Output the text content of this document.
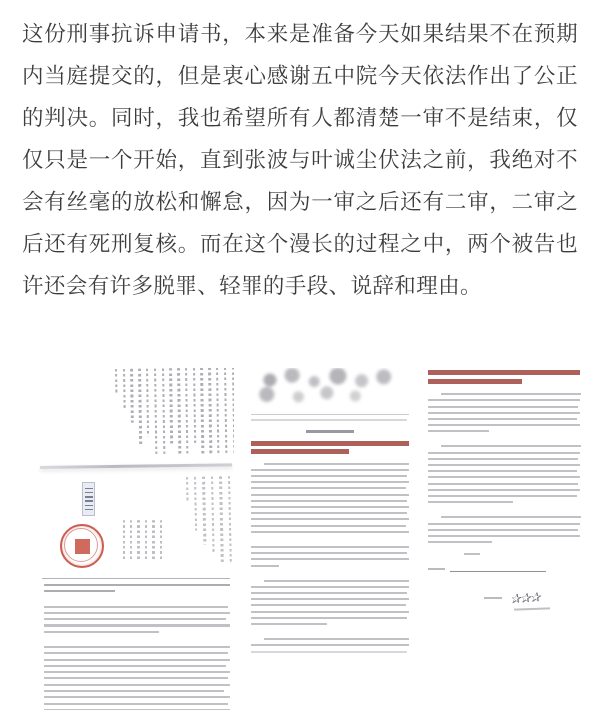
这份刑事抗诉申请书，本来是准备今天如果结果不在预期内当庭提交的，但是衷心感谢五中院今天依法作出了公正的判决。同时，我也希望所有人都清楚一审不是结束，仅仅只是一个开始，直到张波与叶诚尘伏法之前，我绝对不会有丝毫的放松和懈怠，因为一审之后还有二审，二审之后还有死刑复核。而在这个漫长的过程之中，两个被告也许还会有许多脱罪、轻罪的手段、说辞和理由。

✰✰✰
